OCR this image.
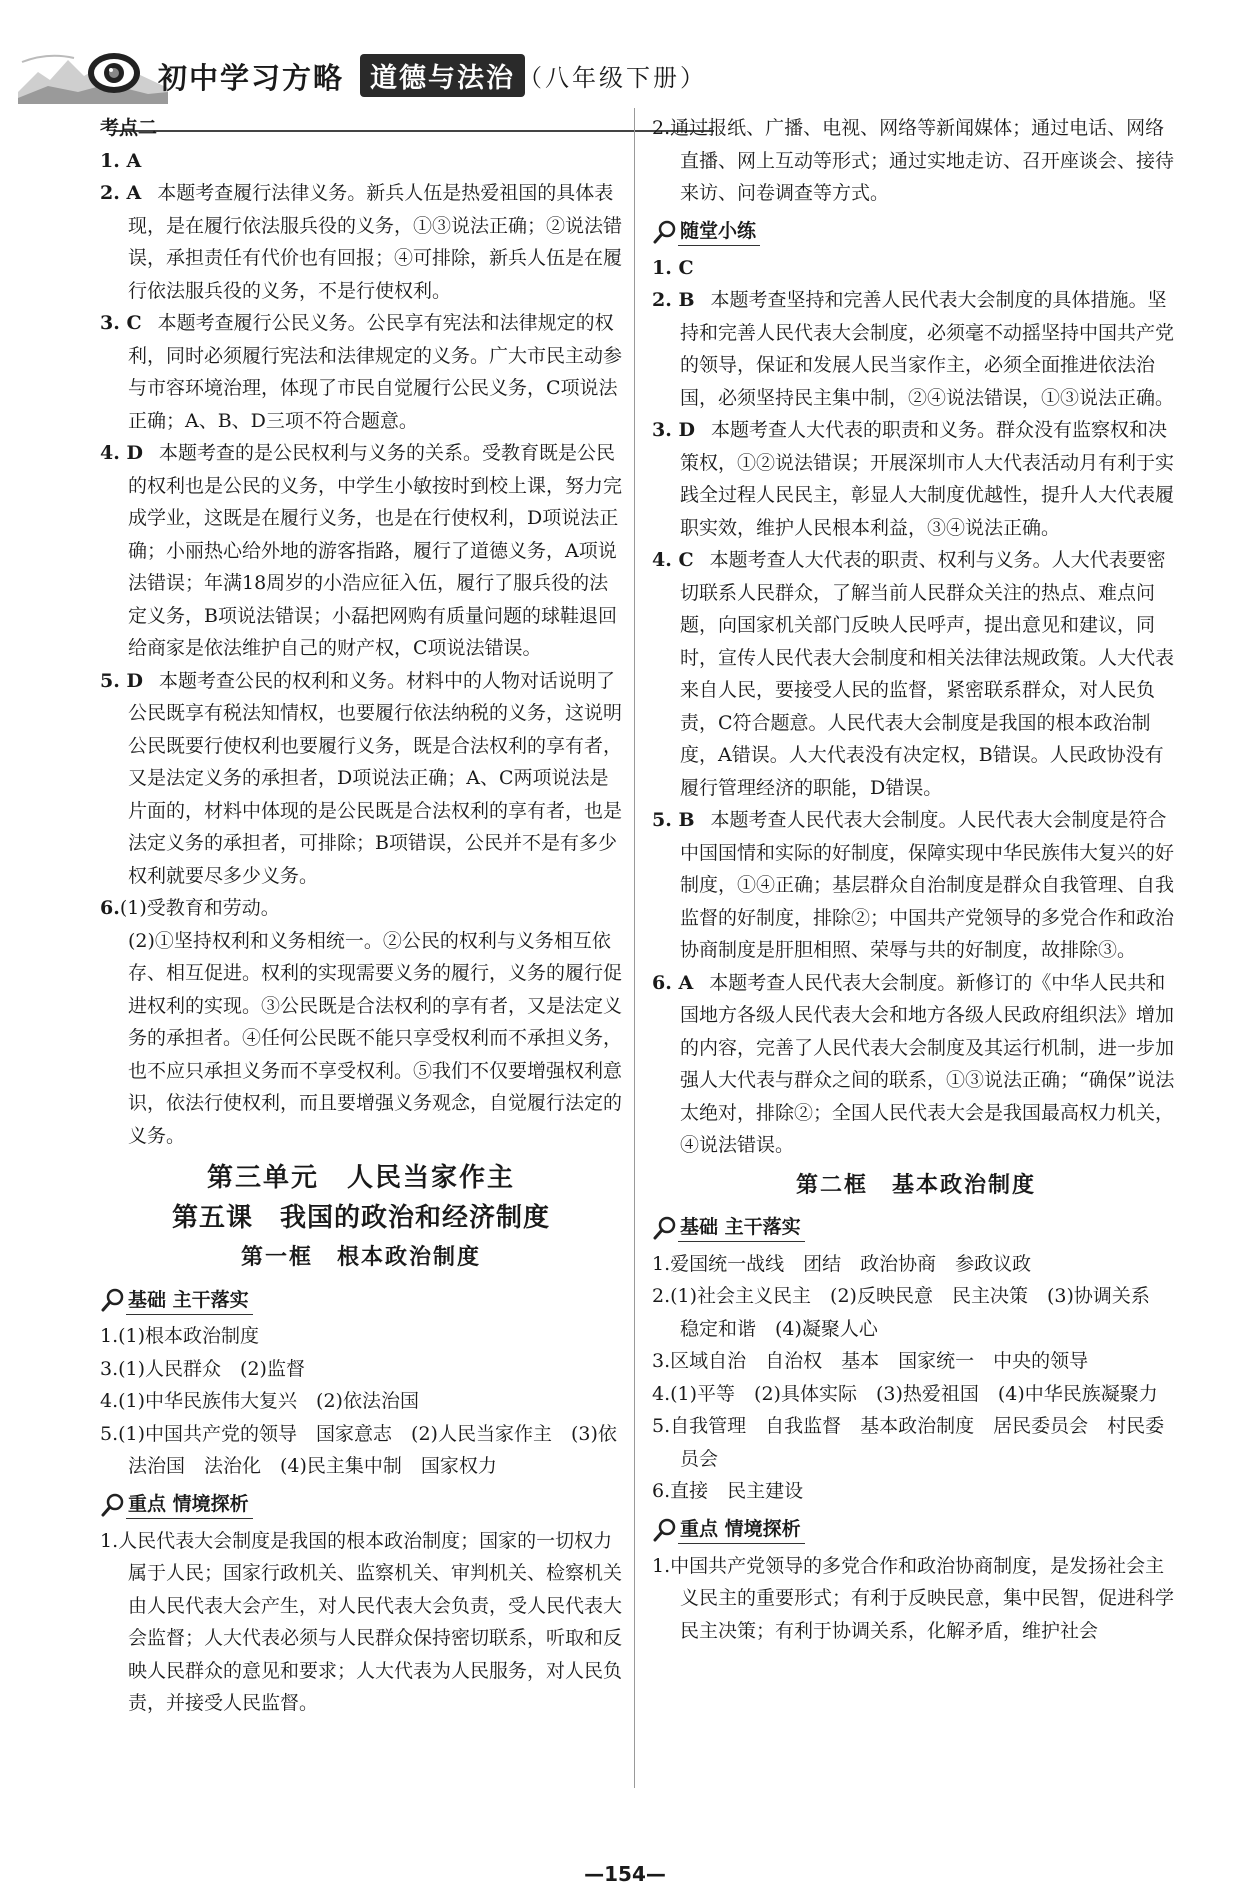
初中学习方略 道德与法治 （八年级下册）

考点二

1. A

2. A 本题考查履行法律义务。新兵人伍是热爱祖国的具体表现，是在履行依法服兵役的义务，①③说法正确；②说法错误，承担责任有代价也有回报；④可排除，新兵人伍是在履行依法服兵役的义务，不是行使权利。

3. C 本题考查履行公民义务。公民享有宪法和法律规定的权利，同时必须履行宪法和法律规定的义务。广大市民主动参与市容环境治理，体现了市民自觉履行公民义务，C项说法正确；A、B、D三项不符合题意。

4. D 本题考查的是公民权利与义务的关系。受教育既是公民的权利也是公民的义务，中学生小敏按时到校上课，努力完成学业，这既是在履行义务，也是在行使权利，D项说法正确；小丽热心给外地的游客指路，履行了道德义务，A项说法错误；年满18周岁的小浩应征入伍，履行了服兵役的法定义务，B项说法错误；小磊把网购有质量问题的球鞋退回给商家是依法维护自己的财产权，C项说法错误。

5. D 本题考查公民的权利和义务。材料中的人物对话说明了公民既享有税法知情权，也要履行依法纳税的义务，这说明公民既要行使权利也要履行义务，既是合法权利的享有者，又是法定义务的承担者，D项说法正确；A、C两项说法是片面的，材料中体现的是公民既是合法权利的享有者，也是法定义务的承担者，可排除；B项错误，公民并不是有多少权利就要尽多少义务。

6.(1)受教育和劳动。

(2)①坚持权利和义务相统一。②公民的权利与义务相互依存、相互促进。权利的实现需要义务的履行，义务的履行促进权利的实现。③公民既是合法权利的享有者，又是法定义务的承担者。④任何公民既不能只享受权利而不承担义务，也不应只承担义务而不享受权利。⑤我们不仅要增强权利意识，依法行使权利，而且要增强义务观念，自觉履行法定的义务。

第三单元　人民当家作主
第五课　我国的政治和经济制度
第一框　根本政治制度
基础 主干落实

1.(1)根本政治制度

3.(1)人民群众　(2)监督

4.(1)中华民族伟大复兴　(2)依法治国

5.(1)中国共产党的领导　国家意志　(2)人民当家作主　(3)依法治国　法治化　(4)民主集中制　国家权力

重点 情境探析

1.人民代表大会制度是我国的根本政治制度；国家的一切权力属于人民；国家行政机关、监察机关、审判机关、检察机关由人民代表大会产生，对人民代表大会负责，受人民代表大会监督；人大代表必须与人民群众保持密切联系，听取和反映人民群众的意见和要求；人大代表为人民服务，对人民负责，并接受人民监督。

2.通过报纸、广播、电视、网络等新闻媒体；通过电话、网络直播、网上互动等形式；通过实地走访、召开座谈会、接待来访、问卷调查等方式。

随堂小练

1. C

2. B 本题考查坚持和完善人民代表大会制度的具体措施。坚持和完善人民代表大会制度，必须毫不动摇坚持中国共产党的领导，保证和发展人民当家作主，必须全面推进依法治国，必须坚持民主集中制，②④说法错误，①③说法正确。

3. D 本题考查人大代表的职责和义务。群众没有监察权和决策权，①②说法错误；开展深圳市人大代表活动月有利于实践全过程人民民主，彰显人大制度优越性，提升人大代表履职实效，维护人民根本利益，③④说法正确。

4. C 本题考查人大代表的职责、权利与义务。人大代表要密切联系人民群众，了解当前人民群众关注的热点、难点问题，向国家机关部门反映人民呼声，提出意见和建议，同时，宣传人民代表大会制度和相关法律法规政策。人大代表来自人民，要接受人民的监督，紧密联系群众，对人民负责，C符合题意。人民代表大会制度是我国的根本政治制度，A错误。人大代表没有决定权，B错误。人民政协没有履行管理经济的职能，D错误。

5. B 本题考查人民代表大会制度。人民代表大会制度是符合中国国情和实际的好制度，保障实现中华民族伟大复兴的好制度，①④正确；基层群众自治制度是群众自我管理、自我监督的好制度，排除②；中国共产党领导的多党合作和政治协商制度是肝胆相照、荣辱与共的好制度，故排除③。

6. A 本题考查人民代表大会制度。新修订的《中华人民共和国地方各级人民代表大会和地方各级人民政府组织法》增加的内容，完善了人民代表大会制度及其运行机制，进一步加强人大代表与群众之间的联系，①③说法正确；“确保”说法太绝对，排除②；全国人民代表大会是我国最高权力机关，④说法错误。

第二框　基本政治制度
基础 主干落实

1.爱国统一战线　团结　政治协商　参政议政

2.(1)社会主义民主　(2)反映民意　民主决策　(3)协调关系　稳定和谐　(4)凝聚人心

3.区域自治　自治权　基本　国家统一　中央的领导

4.(1)平等　(2)具体实际　(3)热爱祖国　(4)中华民族凝聚力

5.自我管理　自我监督　基本政治制度　居民委员会　村民委员会

6.直接　民主建设

重点 情境探析

1.中国共产党领导的多党合作和政治协商制度，是发扬社会主义民主的重要形式；有利于反映民意，集中民智，促进科学民主决策；有利于协调关系，化解矛盾，维护社会

—154—
